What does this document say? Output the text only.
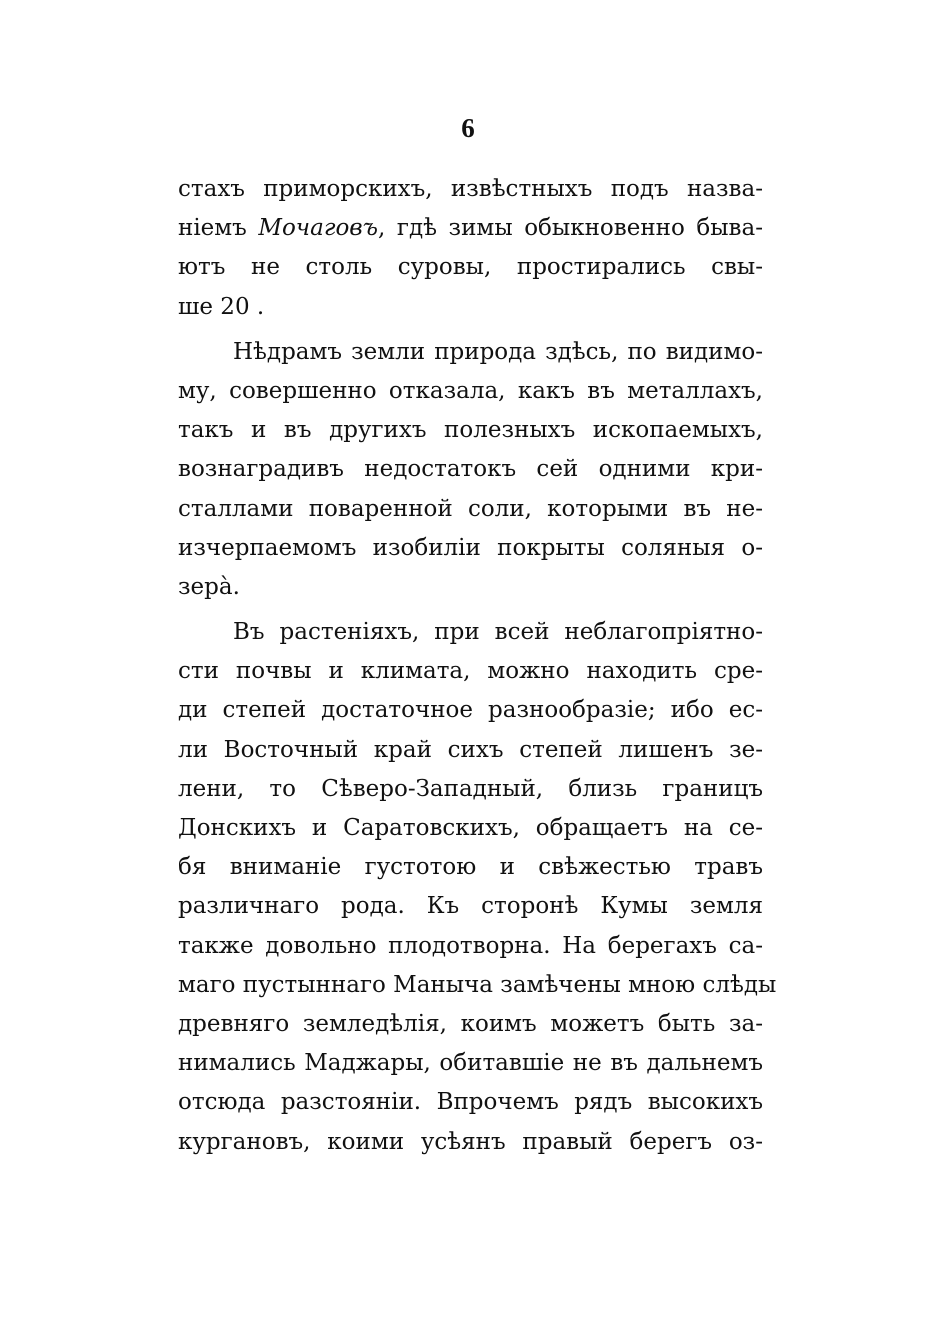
6
стахъ приморскихъ, извѣстныхъ подъ назва-
ніемъ Мочаговъ, гдѣ зимы обыкновенно быва-
ютъ не столь суровы, простирались свы-
ше 20 .
Нѣдрамъ земли природа здѣсь, по видимо-
му, совершенно отказала, какъ въ металлахъ,
такъ и въ другихъ полезныхъ ископаемыхъ,
вознаградивъ недостатокъ сей одними кри-
сталлами поваренной соли, которыми въ не-
изчерпаемомъ изобиліи покрыты соляныя о-
зерà.
Въ растеніяхъ, при всей неблагопріятно-
сти почвы и климата, можно находить сре-
ди степей достаточное разнообразіе; ибо ес-
ли Восточный край сихъ степей лишенъ зе-
лени, то Сѣверо-Западный, близь границъ
Донскихъ и Саратовскихъ, обращаетъ на се-
бя вниманіе густотою и свѣжестью травъ
различнаго рода. Къ сторонѣ Кумы земля
также довольно плодотворна. На берегахъ са-
маго пустыннаго Маныча замѣчены мною слѣды
древняго земледѣлія, коимъ можетъ быть за-
нимались Маджары, обитавшіе не въ дальнемъ
отсюда разстояніи. Впрочемъ рядъ высокихъ
кургановъ, коими усѣянъ правый берегъ оз-
